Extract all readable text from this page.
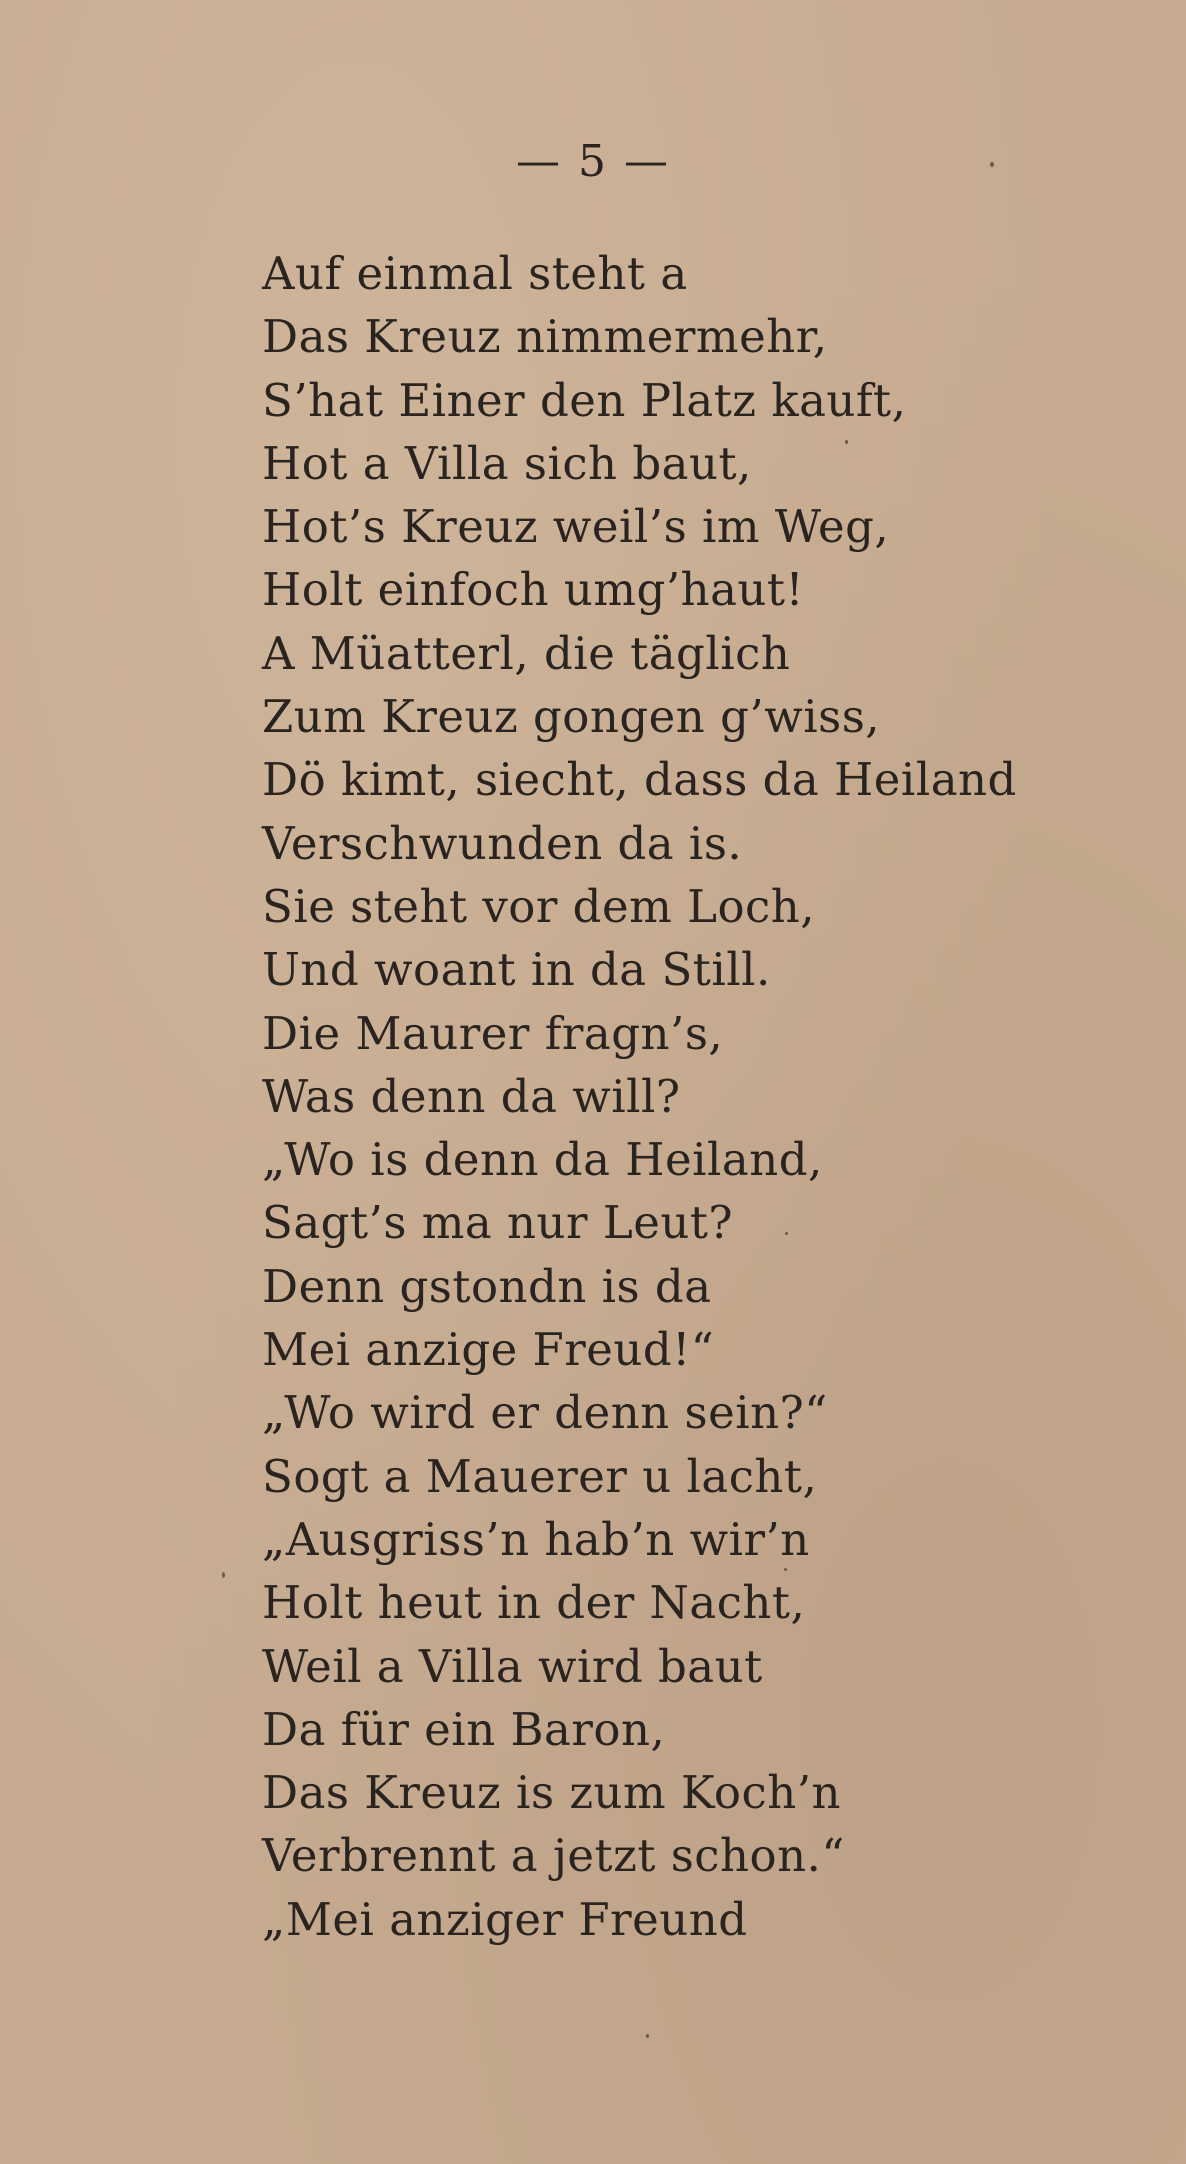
— 5 —
Auf einmal steht a
Das Kreuz nimmermehr,
S’hat Einer den Platz kauft,
Hot a Villa sich baut,
Hot’s Kreuz weil’s im Weg,
Holt einfoch umg’haut!
A Müatterl, die täglich
Zum Kreuz gongen g’wiss,
Dö kimt, siecht, dass da Heiland
Verschwunden da is.
Sie steht vor dem Loch,
Und woant in da Still.
Die Maurer fragn’s,
Was denn da will?
„Wo is denn da Heiland,
Sagt’s ma nur Leut?
Denn gstondn is da
Mei anzige Freud!“
„Wo wird er denn sein?“
Sogt a Mauerer u lacht,
„Ausgriss’n hab’n wir’n
Holt heut in der Nacht,
Weil a Villa wird baut
Da für ein Baron,
Das Kreuz is zum Koch’n
Verbrennt a jetzt schon.“
„Mei anziger Freund
